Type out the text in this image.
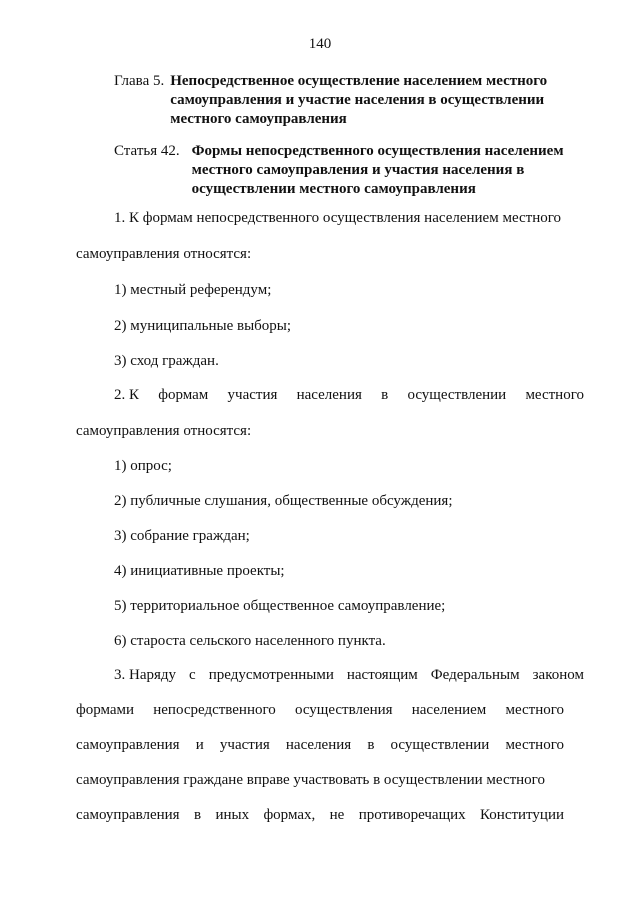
140
Глава 5. Непосредственное осуществление населением местного самоуправления и участие населения в осуществлении местного самоуправления
Статья 42. Формы непосредственного осуществления населением местного самоуправления и участия населения в осуществлении местного самоуправления
1. К формам непосредственного осуществления населением местного
самоуправления относятся:
1) местный референдум;
2) муниципальные выборы;
3) сход граждан.
2. К формам участия населения в осуществлении местного
самоуправления относятся:
1) опрос;
2) публичные слушания, общественные обсуждения;
3) собрание граждан;
4) инициативные проекты;
5) территориальное общественное самоуправление;
6) староста сельского населенного пункта.
3. Наряду с предусмотренными настоящим Федеральным законом
формами непосредственного осуществления населением местного
самоуправления и участия населения в осуществлении местного
самоуправления граждане вправе участвовать в осуществлении местного
самоуправления в иных формах, не противоречащих Конституции
